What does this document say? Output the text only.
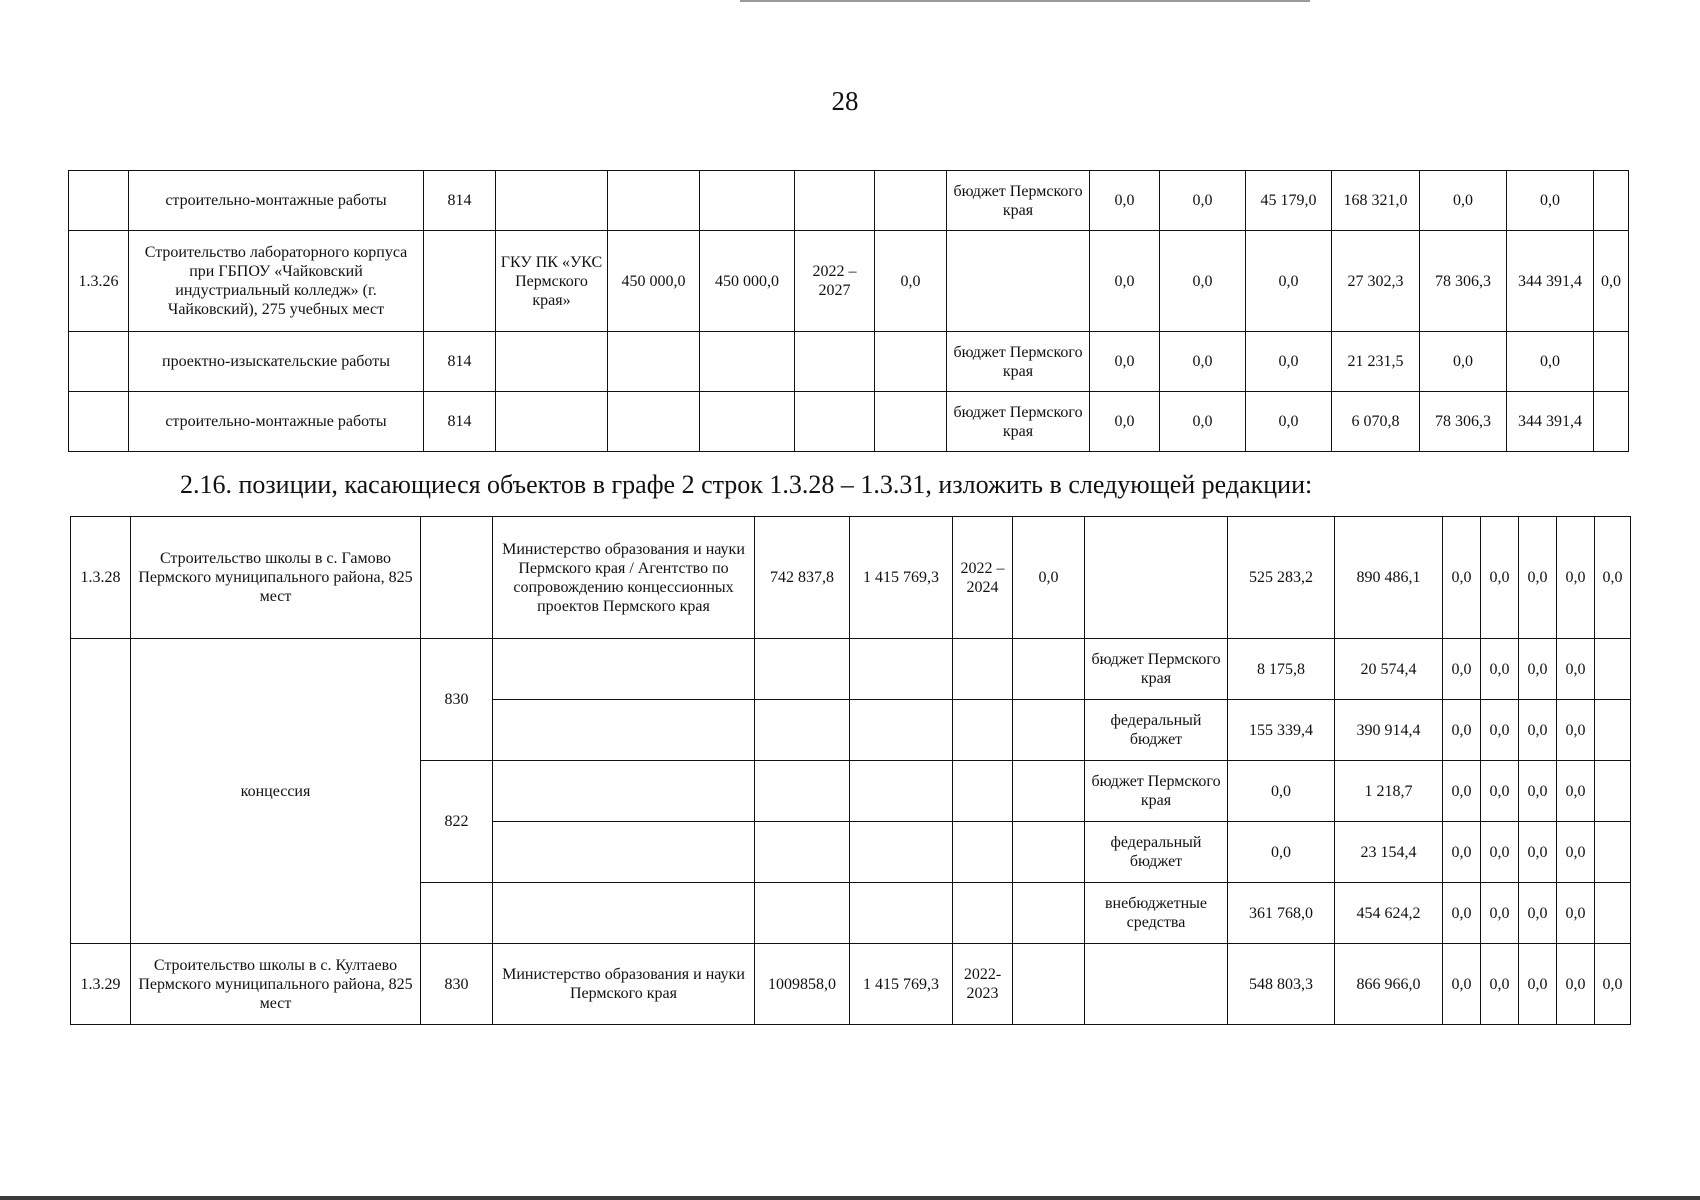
28
	строительно-монтажные работы	814						бюджет Пермского края	0,0	0,0	45 179,0	168 321,0	0,0	0,0	
1.3.26	Строительство лабораторного корпуса при ГБПОУ «Чайковский индустриальный колледж» (г. Чайковский), 275 учебных мест		ГКУ ПК «УКС Пермского края»	450 000,0	450 000,0	2022 – 2027	0,0		0,0	0,0	0,0	27 302,3	78 306,3	344 391,4	0,0
	проектно-изыскательские работы	814						бюджет Пермского края	0,0	0,0	0,0	21 231,5	0,0	0,0	
	строительно-монтажные работы	814						бюджет Пермского края	0,0	0,0	0,0	6 070,8	78 306,3	344 391,4	
2.16. позиции, касающиеся объектов в графе 2 строк 1.3.28 – 1.3.31, изложить в следующей редакции:
1.3.28	Строительство школы в с. Гамово Пермского муниципального района, 825 мест		Министерство образования и науки Пермского края / Агентство по сопровождению концессионных проектов Пермского края	742 837,8	1 415 769,3	2022 – 2024	0,0		525 283,2	890 486,1	0,0	0,0	0,0	0,0	0,0
	концессия	830						бюджет Пермского края	8 175,8	20 574,4	0,0	0,0	0,0	0,0	
								федеральный бюджет	155 339,4	390 914,4	0,0	0,0	0,0	0,0	
		822						бюджет Пермского края	0,0	1 218,7	0,0	0,0	0,0	0,0	
								федеральный бюджет	0,0	23 154,4	0,0	0,0	0,0	0,0	
								внебюджетные средства	361 768,0	454 624,2	0,0	0,0	0,0	0,0	
1.3.29	Строительство школы в с. Култаево Пермского муниципального района, 825 мест	830	Министерство образования и науки Пермского края	1009858,0	1 415 769,3	2022- 2023			548 803,3	866 966,0	0,0	0,0	0,0	0,0	0,0
